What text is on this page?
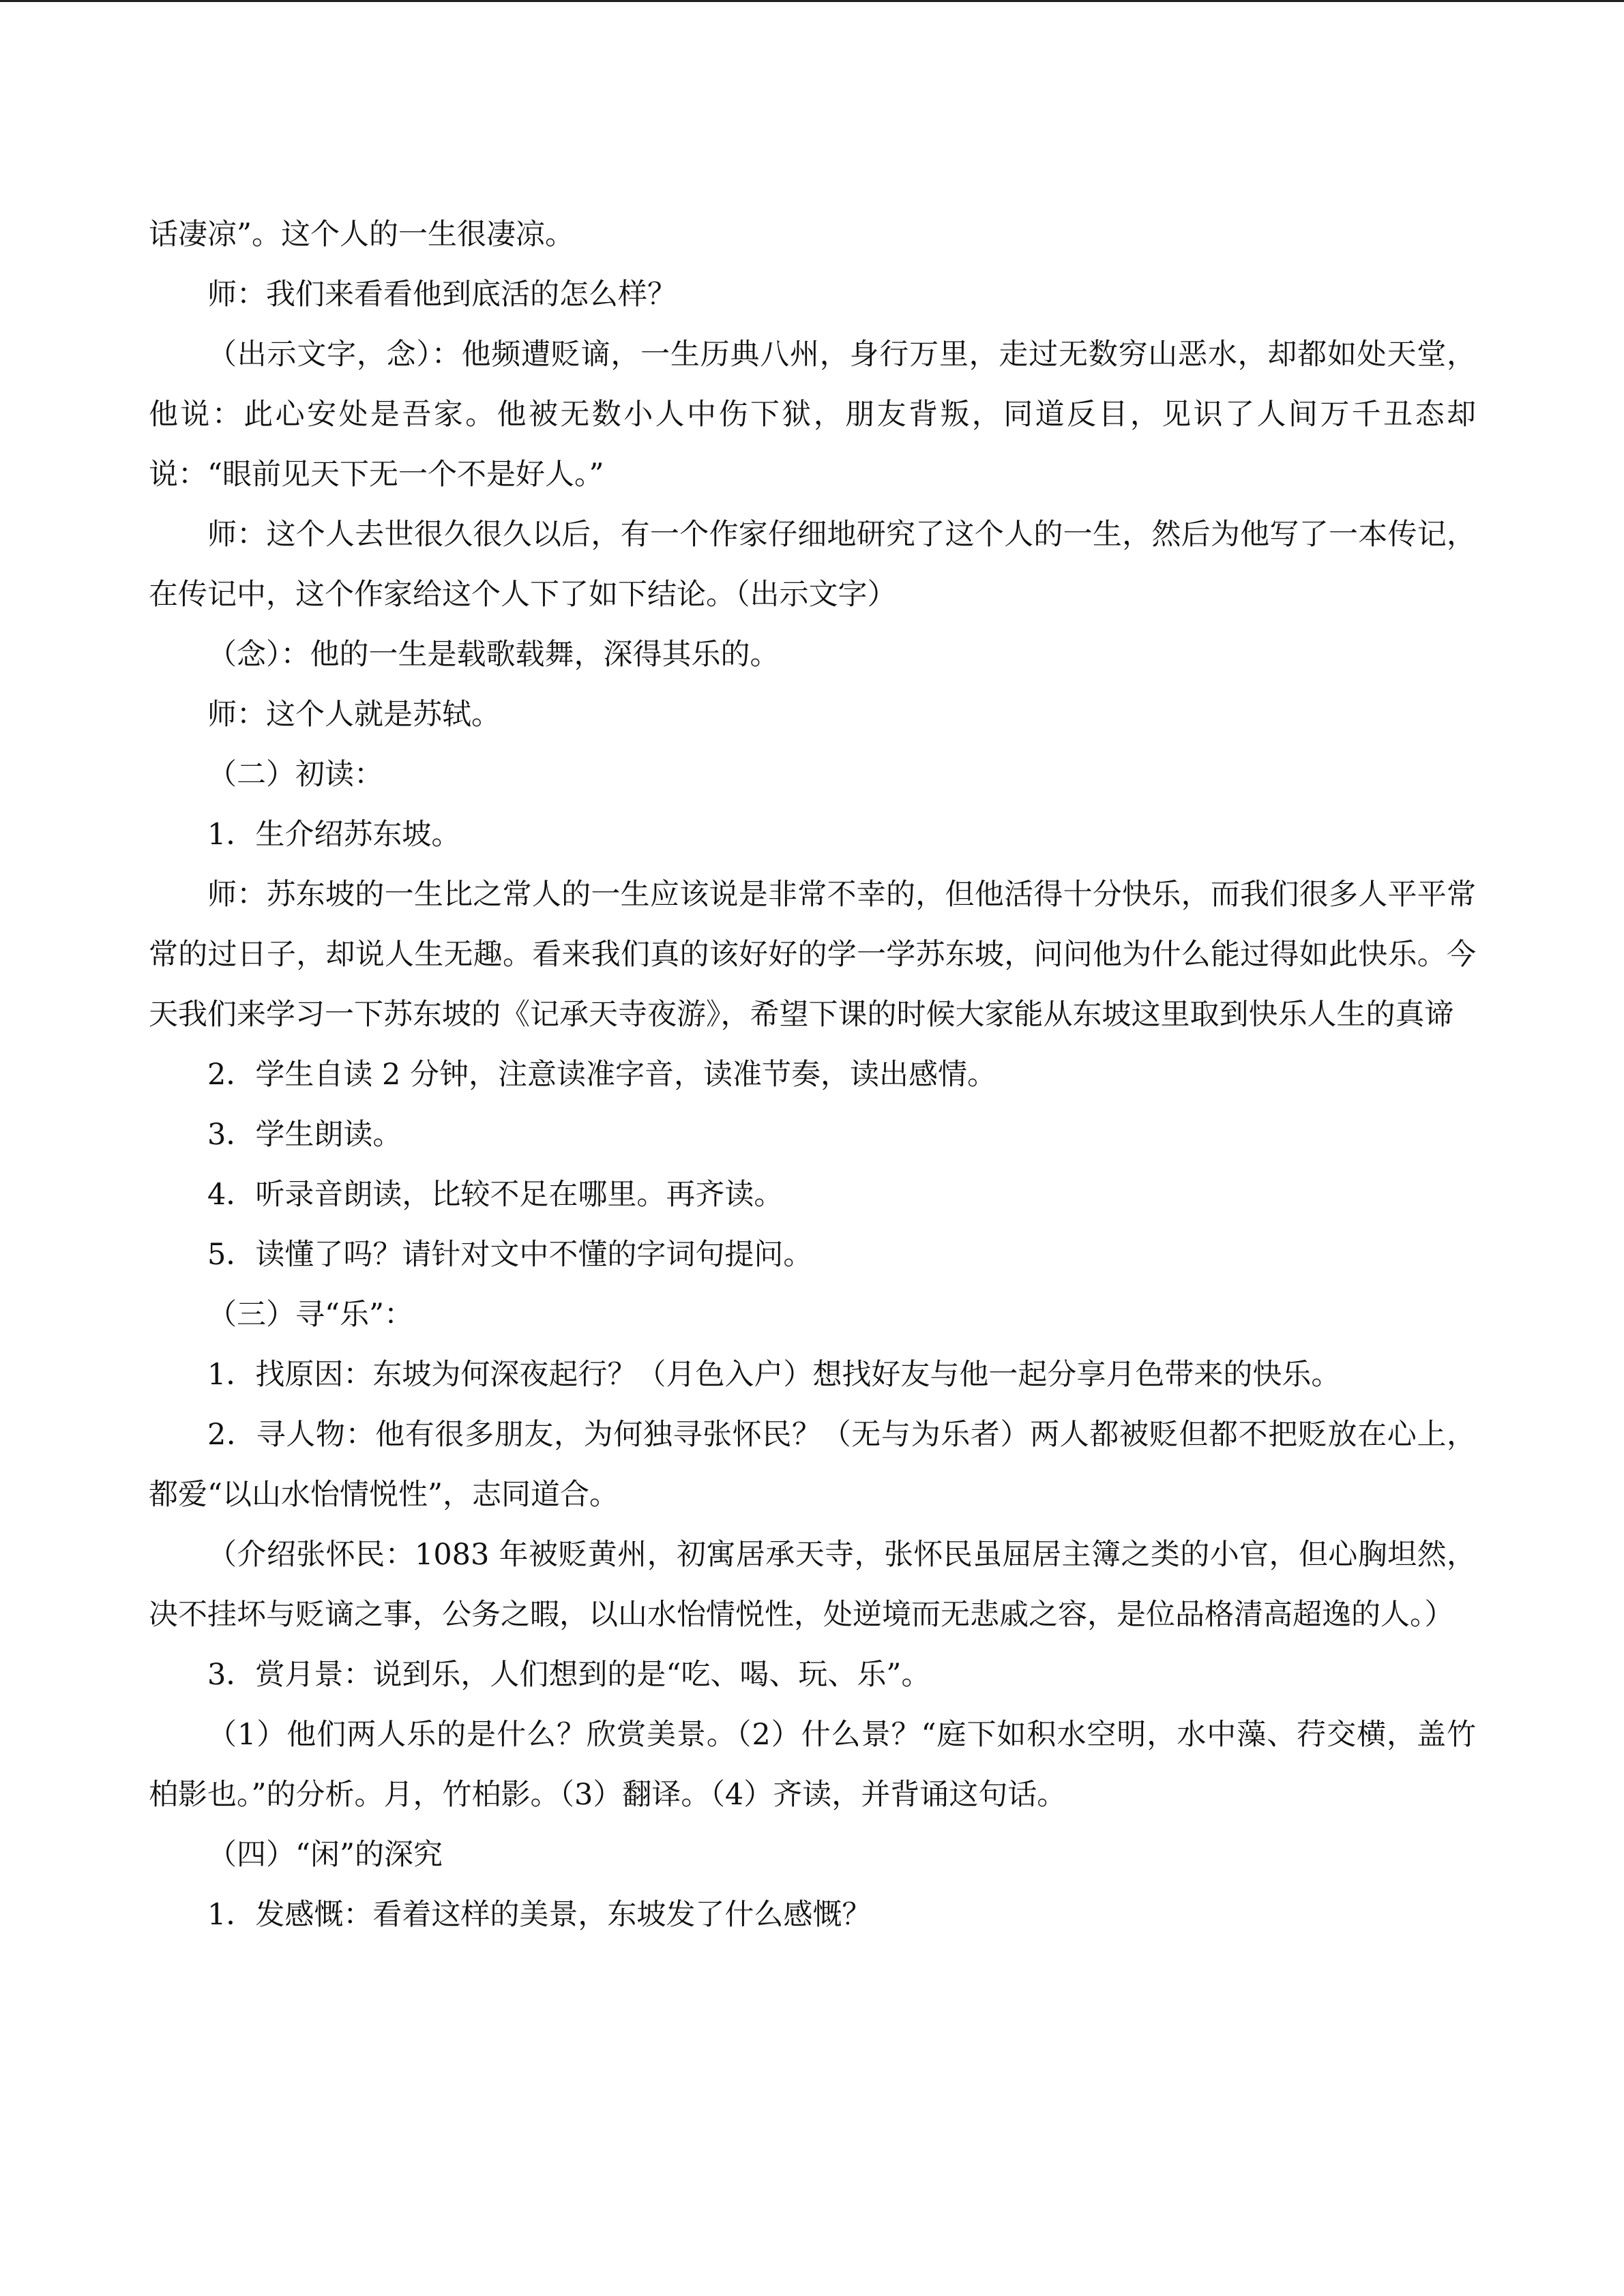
话凄凉”。这个人的一生很凄凉。

师：我们来看看他到底活的怎么样？

（出示文字，念）：他频遭贬谪，一生历典八州，身行万里，走过无数穷山恶水，却都如处天堂，他说：此心安处是吾家。他被无数小人中伤下狱，朋友背叛，同道反目，见识了人间万千丑态却说：“眼前见天下无一个不是好人。”

师：这个人去世很久很久以后，有一个作家仔细地研究了这个人的一生，然后为他写了一本传记，在传记中，这个作家给这个人下了如下结论。（出示文字）

（念）：他的一生是载歌载舞，深得其乐的。

师：这个人就是苏轼。

（二）初读：

1．生介绍苏东坡。

师：苏东坡的一生比之常人的一生应该说是非常不幸的，但他活得十分快乐，而我们很多人平平常常的过日子，却说人生无趣。看来我们真的该好好的学一学苏东坡，问问他为什么能过得如此快乐。今天我们来学习一下苏东坡的《记承天寺夜游》，希望下课的时候大家能从东坡这里取到快乐人生的真谛

2．学生自读 2 分钟，注意读准字音，读准节奏，读出感情。

3．学生朗读。

4．听录音朗读，比较不足在哪里。再齐读。

5．读懂了吗？请针对文中不懂的字词句提问。

（三）寻“乐”：

1．找原因：东坡为何深夜起行？（月色入户）想找好友与他一起分享月色带来的快乐。

2．寻人物：他有很多朋友，为何独寻张怀民？（无与为乐者）两人都被贬但都不把贬放在心上，都爱“以山水怡情悦性”，志同道合。

（介绍张怀民：1083 年被贬黄州，初寓居承天寺，张怀民虽屈居主簿之类的小官，但心胸坦然，决不挂坏与贬谪之事，公务之暇，以山水怡情悦性，处逆境而无悲戚之容，是位品格清高超逸的人。）

3．赏月景：说到乐，人们想到的是“吃、喝、玩、乐”。

（1）他们两人乐的是什么？欣赏美景。（2）什么景？“庭下如积水空明，水中藻、荇交横，盖竹柏影也。”的分析。月，竹柏影。（3）翻译。（4）齐读，并背诵这句话。

（四）“闲”的深究

1．发感慨：看着这样的美景，东坡发了什么感慨？
